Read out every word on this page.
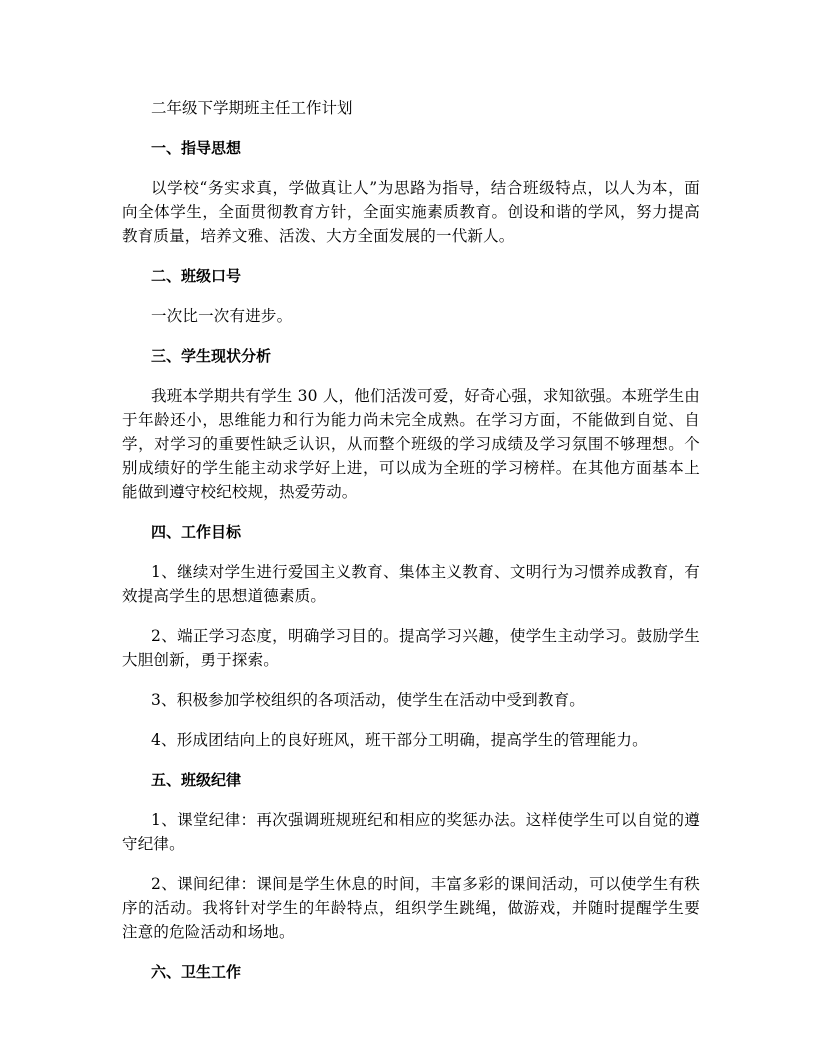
二年级下学期班主任工作计划

一、指导思想

以学校“务实求真，学做真让人”为思路为指导，结合班级特点，以人为本，面向全体学生，全面贯彻教育方针，全面实施素质教育。创设和谐的学风，努力提高教育质量，培养文雅、活泼、大方全面发展的一代新人。

二、班级口号

一次比一次有进步。

三、学生现状分析

我班本学期共有学生 30 人，他们活泼可爱，好奇心强，求知欲强。本班学生由于年龄还小，思维能力和行为能力尚未完全成熟。在学习方面，不能做到自觉、自学，对学习的重要性缺乏认识，从而整个班级的学习成绩及学习氛围不够理想。个别成绩好的学生能主动求学好上进，可以成为全班的学习榜样。在其他方面基本上能做到遵守校纪校规，热爱劳动。

四、工作目标

1、继续对学生进行爱国主义教育、集体主义教育、文明行为习惯养成教育，有效提高学生的思想道德素质。

2、端正学习态度，明确学习目的。提高学习兴趣，使学生主动学习。鼓励学生大胆创新，勇于探索。

3、积极参加学校组织的各项活动，使学生在活动中受到教育。

4、形成团结向上的良好班风，班干部分工明确，提高学生的管理能力。

五、班级纪律

1、课堂纪律：再次强调班规班纪和相应的奖惩办法。这样使学生可以自觉的遵守纪律。

2、课间纪律：课间是学生休息的时间，丰富多彩的课间活动，可以使学生有秩序的活动。我将针对学生的年龄特点，组织学生跳绳，做游戏，并随时提醒学生要注意的危险活动和场地。

六、卫生工作
